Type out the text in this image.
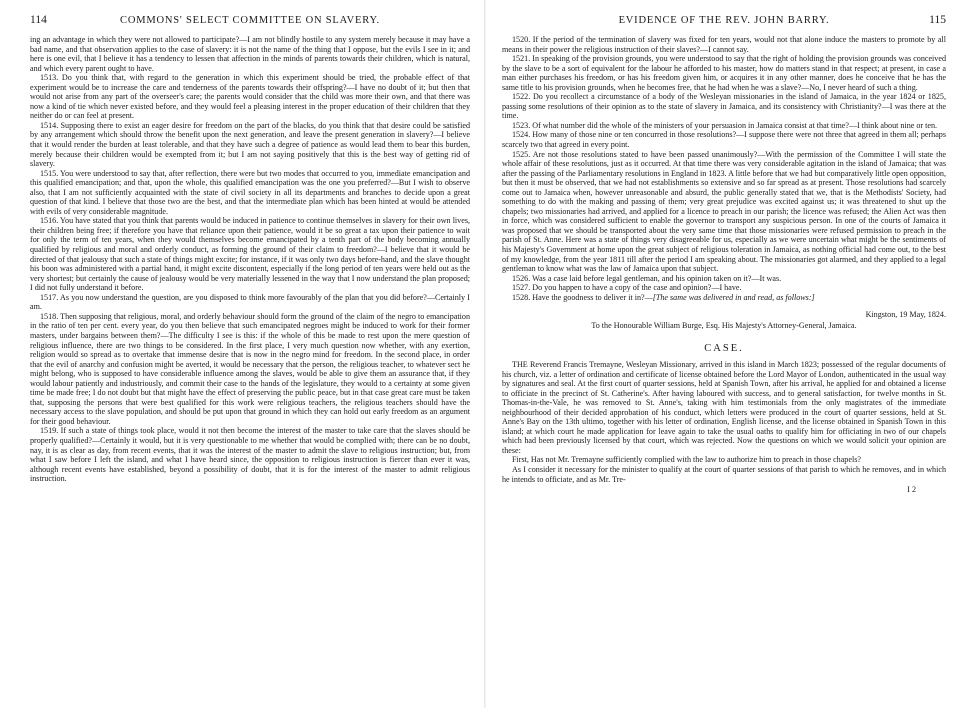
114	COMMONS' SELECT COMMITTEE ON SLAVERY.

ing an advantage in which they were not allowed to participate?—I am not blindly hostile to any system merely because it may have a bad name, and that observation applies to the case of slavery: it is not the name of the thing that I oppose, but the evils I see in it; and here is one evil, that I believe it has a tendency to lessen that affection in the minds of parents towards their children, which is natural, and which every parent ought to have.

1513. Do you think that, with regard to the generation in which this experiment should be tried, the probable effect of that experiment would be to increase the care and tenderness of the parents towards their offspring?—I have no doubt of it; but then that would not arise from any part of the overseer's care; the parents would consider that the child was more their own, and that there was now a kind of tie which never existed before, and they would feel a pleasing interest in the proper education of their children that they neither do or can feel at present.

1514. Supposing there to exist an eager desire for freedom on the part of the blacks, do you think that that desire could be satisfied by any arrangement which should throw the benefit upon the next generation, and leave the present generation in slavery?—I believe that it would render the burden at least tolerable, and that they have such a degree of patience as would lead them to bear this burden, merely because their children would be exempted from it; but I am not saying positively that this is the best way of getting rid of slavery.

1515. You were understood to say that, after reflection, there were but two modes that occurred to you, immediate emancipation and this qualified emancipation; and that, upon the whole, this qualified emancipation was the one you preferred?—But I wish to observe also, that I am not sufficiently acquainted with the state of civil society in all its departments and branches to decide upon a great question of that kind. I believe that those two are the best, and that the intermediate plan which has been hinted at would be attended with evils of very considerable magnitude.

1516. You have stated that you think that parents would be induced in patience to continue themselves in slavery for their own lives, their children being free; if therefore you have that reliance upon their patience, would it be so great a tax upon their patience to wait for only the term of ten years, when they would themselves become emancipated by a tenth part of the body becoming annually qualified by religious and moral and orderly conduct, as forming the ground of their claim to freedom?—I believe that it would be directed of that jealousy that such a state of things might excite; for instance, if it was only two days before-hand, and the slave thought his boon was administered with a partial hand, it might excite discontent, especially if the long period of ten years were held out as the very shortest; but certainly the cause of jealousy would be very materially lessened in the way that I now understand the plan proposed; I did not fully understand it before.

1517. As you now understand the question, are you disposed to think more favourably of the plan that you did before?—Certainly I am.

1518. Then supposing that religious, moral, and orderly behaviour should form the ground of the claim of the negro to emancipation in the ratio of ten per cent. every year, do you then believe that such emancipated negroes might be induced to work for their former masters, under bargains between them?—The difficulty I see is this: if the whole of this be made to rest upon the mere question of religious influence, there are two things to be considered. In the first place, I very much question now whether, with any exertion, religion would so spread as to overtake that immense desire that is now in the negro mind for freedom. In the second place, in order that the evil of anarchy and confusion might be averted, it would be necessary that the person, the religious teacher, to whatever sect he might belong, who is supposed to have considerable influence among the slaves, would be able to give them an assurance that, if they would labour patiently and industriously, and commit their case to the hands of the legislature, they would to a certainty at some given time be made free; I do not doubt but that might have the effect of preserving the public peace, but in that case great care must be taken that, supposing the persons that were best qualified for this work were religious teachers, the religious teachers should have the necessary access to the slave population, and should be put upon that ground in which they can hold out early freedom as an argument for their good behaviour.

1519. If such a state of things took place, would it not then become the interest of the master to take care that the slaves should be properly qualified?—Certainly it would, but it is very questionable to me whether that would be complied with; there can be no doubt, nay, it is as clear as day, from recent events, that it was the interest of the master to admit the slave to religious instruction; but, from what I saw before I left the island, and what I have heard since, the opposition to religious instruction is fiercer than ever it was, although recent events have established, beyond a possibility of doubt, that it is for the interest of the master to admit religious instruction.

EVIDENCE OF THE REV. JOHN BARRY.	115

1520. If the period of the termination of slavery was fixed for ten years, would not that alone induce the masters to promote by all means in their power the religious instruction of their slaves?—I cannot say.

1521. In speaking of the provision grounds, you were understood to say that the right of holding the provision grounds was conceived by the slave to be a sort of equivalent for the labour he afforded to his master, how do matters stand in that respect; at present, in case a man either purchases his freedom, or has his freedom given him, or acquires it in any other manner, does he conceive that he has the same title to his provision grounds, when he becomes free, that he had when he was a slave?—No, I never heard of such a thing.

1522. Do you recollect a circumstance of a body of the Wesleyan missionaries in the island of Jamaica, in the year 1824 or 1825, passing some resolutions of their opinion as to the state of slavery in Jamaica, and its consistency with Christianity?—I was there at the time.

1523. Of what number did the whole of the ministers of your persuasion in Jamaica consist at that time?—I think about nine or ten.

1524. How many of those nine or ten concurred in those resolutions?—I suppose there were not three that agreed in them all; perhaps scarcely two that agreed in every point.

1525. Are not those resolutions stated to have been passed unanimously?—With the permission of the Committee I will state the whole affair of these resolutions, just as it occurred. At that time there was very considerable agitation in the island of Jamaica; that was after the passing of the Parliamentary resolutions in England in 1823. A little before that we had but comparatively little open opposition, but then it must be observed, that we had not establishments so extensive and so far spread as at present. Those resolutions had scarcely come out to Jamaica when, however unreasonable and absurd, the public generally stated that we, that is the Methodists' Society, had something to do with the making and passing of them; very great prejudice was excited against us; it was threatened to shut up the chapels; two missionaries had arrived, and applied for a licence to preach in our parish; the licence was refused; the Alien Act was then in force, which was considered sufficient to enable the governor to transport any suspicious person. In one of the courts of Jamaica it was proposed that we should be transported about the very same time that those missionaries were refused permission to preach in the parish of St. Anne. Here was a state of things very disagreeable for us, especially as we were uncertain what might be the sentiments of his Majesty's Government at home upon the great subject of religious toleration in Jamaica, as nothing official had come out, to the best of my knowledge, from the year 1811 till after the period I am speaking about. The missionaries got alarmed, and they applied to a legal gentleman to know what was the law of Jamaica upon that subject.

1526. Was a case laid before legal gentleman, and his opinion taken on it?—It was.

1527. Do you happen to have a copy of the case and opinion?—I have.

1528. Have the goodness to deliver it in?—[The same was delivered in and read, as follows:]

Kingston, 19 May, 1824.
To the Honourable William Burge, Esq. His Majesty's Attorney-General, Jamaica.
CASE.

THE Reverend Francis Tremayne, Wesleyan Missionary, arrived in this island in March 1823; possessed of the regular documents of his church, viz. a letter of ordination and certificate of license obtained before the Lord Mayor of London, authenticated in the usual way by signatures and seal. At the first court of quarter sessions, held at Spanish Town, after his arrival, he applied for and obtained a license to officiate in the precinct of St. Catherine's. After having laboured with success, and to general satisfaction, for twelve months in St. Thomas-in-the-Vale, he was removed to St. Anne's, taking with him testimonials from the only magistrates of the immediate neighbourhood of their decided approbation of his conduct, which letters were produced in the court of quarter sessions, held at St. Anne's Bay on the 13th ultimo, together with his letter of ordination, English license, and the license obtained in Spanish Town in this island; at which court he made application for leave again to take the usual oaths to qualify him for officiating in two of our chapels which had been previously licensed by that court, which was rejected. Now the questions on which we would solicit your opinion are these:

First, Has not Mr. Tremayne sufficiently complied with the law to authorize him to preach in those chapels?

As I consider it necessary for the minister to qualify at the court of quarter sessions of that parish to which he removes, and in which he intends to officiate, and as Mr. Tre-

I 2
